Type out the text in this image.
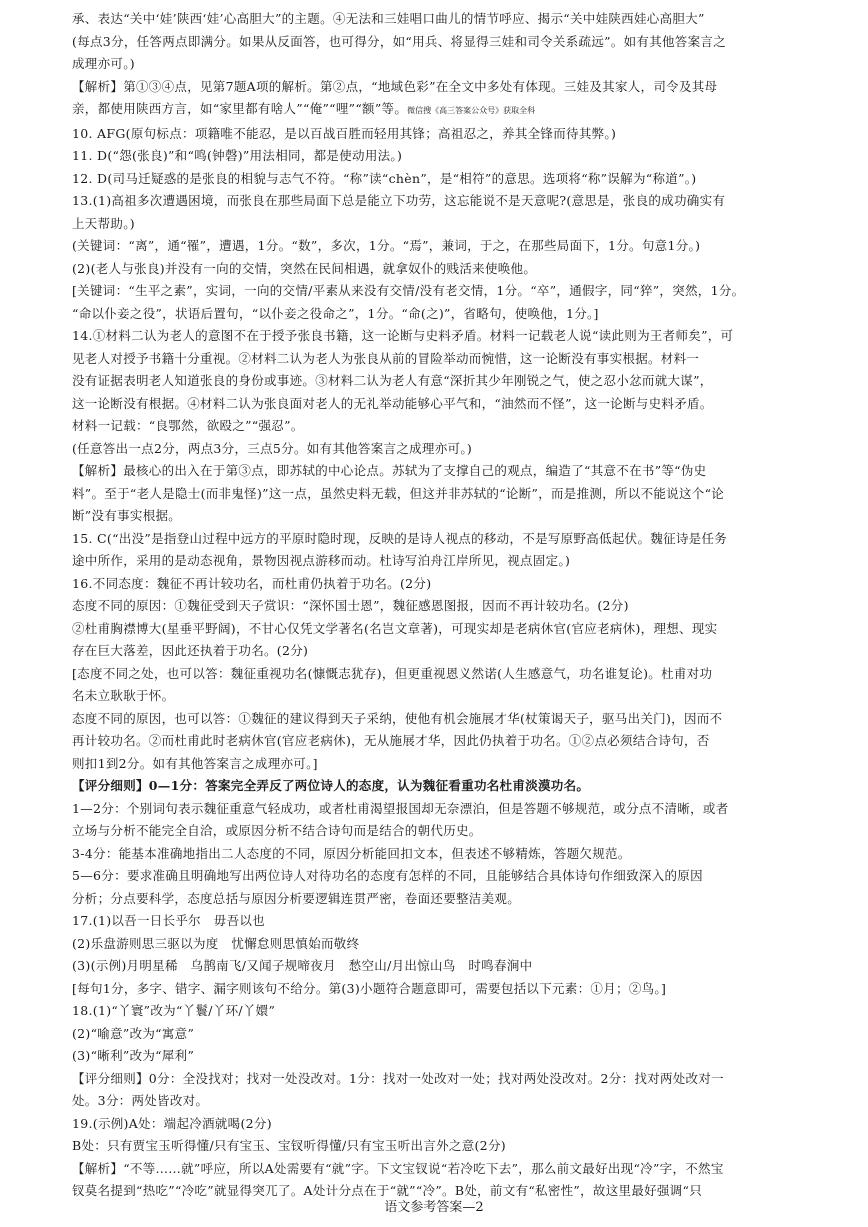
承、表达“关中‘娃’陕西‘娃’心高胆大”的主题。④无法和三娃唱口曲儿的情节呼应、揭示“关中娃陕西娃心高胆大”

(每点3分，任答两点即满分。如果从反面答，也可得分，如“用兵、将显得三娃和司令关系疏远”。如有其他答案言之

成理亦可。)

【解析】第①③④点，见第7题A项的解析。第②点，“地域色彩”在全文中多处有体现。三娃及其家人，司令及其母

亲，都使用陕西方言，如“家里都有啥人”“俺”“哩”“额”等。微信搜《高三答案公众号》获取全科

10. AFG(原句标点：项籍唯不能忍，是以百战百胜而轻用其锋；高祖忍之，养其全锋而待其弊。)

11. D(“怨(张良)”和“鸣(钟磬)”用法相同，都是使动用法。)

12. D(司马迁疑惑的是张良的相貌与志气不符。“称”读“chèn”，是“相符”的意思。选项将“称”误解为“称道”。)

13.(1)高祖多次遭遇困境，而张良在那些局面下总是能立下功劳，这忘能说不是天意呢?(意思是，张良的成功确实有

上天帮助。)

(关键词：“离”，通“罹”，遭遇，1分。“数”，多次，1分。“焉”，兼词，于之，在那些局面下，1分。句意1分。)

(2)(老人与张良)并没有一向的交情，突然在民间相遇，就拿奴仆的贱活来使唤他。

[关键词：“生平之素”，实词，一向的交情/平素从来没有交情/没有老交情，1分。“卒”，通假字，同“猝”，突然，1分。

“命以仆妾之役”，状语后置句，“以仆妾之役命之”，1分。“命(之)”，省略句，使唤他，1分。]

14.①材料二认为老人的意图不在于授予张良书籍，这一论断与史料矛盾。材料一记载老人说“读此则为王者师矣”，可

见老人对授予书籍十分重视。②材料二认为老人为张良从前的冒险举动而惋惜，这一论断没有事实根据。材料一

没有证据表明老人知道张良的身份或事迹。③材料二认为老人有意“深折其少年刚锐之气，使之忍小忿而就大谋”，

这一论断没有根据。④材料二认为张良面对老人的无礼举动能够心平气和，“油然而不怪”，这一论断与史料矛盾。

材料一记载：“良鄂然，欲殴之”“强忍”。

(任意答出一点2分，两点3分，三点5分。如有其他答案言之成理亦可。)

【解析】最核心的出入在于第③点，即苏轼的中心论点。苏轼为了支撑自己的观点，编造了“其意不在书”等“伪史

料”。至于“老人是隐士(而非鬼怪)”这一点，虽然史料无载，但这并非苏轼的“论断”，而是推测，所以不能说这个“论

断”没有事实根据。

15. C(“出没”是指登山过程中远方的平原时隐时现，反映的是诗人视点的移动，不是写原野高低起伏。魏征诗是任务

途中所作，采用的是动态视角，景物因视点游移而动。杜诗写泊舟江岸所见，视点固定。)

16.不同态度：魏征不再计较功名，而杜甫仍执着于功名。(2分)

态度不同的原因：①魏征受到天子赏识：“深怀国士恩”，魏征感恩图报，因而不再计较功名。(2分)

②杜甫胸襟博大(星垂平野阔)，不甘心仅凭文学著名(名岂文章著)，可现实却是老病休官(官应老病休)，理想、现实

存在巨大落差，因此还执着于功名。(2分)

[态度不同之处，也可以答：魏征重视功名(慷慨志犹存)，但更重视恩义然诺(人生感意气，功名谁复论)。杜甫对功

名未立耿耿于怀。

态度不同的原因，也可以答：①魏征的建议得到天子采纳，使他有机会施展才华(杖策谒天子，驱马出关门)，因而不

再计较功名。②而杜甫此时老病休官(官应老病休)，无从施展才华，因此仍执着于功名。①②点必须结合诗句，否

则扣1到2分。如有其他答案言之成理亦可。]

【评分细则】0—1分：答案完全弄反了两位诗人的态度，认为魏征看重功名杜甫淡漠功名。

1—2分：个别词句表示魏征重意气轻成功，或者杜甫渴望报国却无奈漂泊，但是答题不够规范，或分点不清晰，或者

立场与分析不能完全自洽，或原因分析不结合诗句而是结合的朝代历史。

3-4分：能基本准确地指出二人态度的不同，原因分析能回扣文本，但表述不够精炼，答题欠规范。

5—6分：要求准确且明确地写出两位诗人对待功名的态度有怎样的不同，且能够结合具体诗句作细致深入的原因

分析；分点要科学，态度总括与原因分析要逻辑连贯严密，卷面还要整洁美观。

17.(1)以吾一日长乎尔　毋吾以也

(2)乐盘游则思三驱以为度　忧懈怠则思慎始而敬终

(3)(示例)月明星稀　乌鹊南飞/又闻子规啼夜月　愁空山/月出惊山鸟　时鸣春涧中

[每句1分，多字、错字、漏字则该句不给分。第(3)小题符合题意即可，需要包括以下元素：①月；②鸟。]

18.(1)“丫寰”改为“丫鬟/丫环/丫嬛”

(2)“喻意”改为“寓意”

(3)“晰利”改为“犀利”

【评分细则】0分：全没找对；找对一处没改对。1分：找对一处改对一处；找对两处没改对。2分：找对两处改对一

处。3分：两处皆改对。

19.(示例)A处：端起冷酒就喝(2分)

B处：只有贾宝玉听得懂/只有宝玉、宝钗听得懂/只有宝玉听出言外之意(2分)

【解析】“不等……就”呼应，所以A处需要有“就”字。下文宝钗说“若冷吃下去”，那么前文最好出现“冷”字，不然宝

钗莫名提到“热吃”“冷吃”就显得突兀了。A处计分点在于“就”“冷”。B处，前文有“私密性”，故这里最好强调“只

语文参考答案—2
